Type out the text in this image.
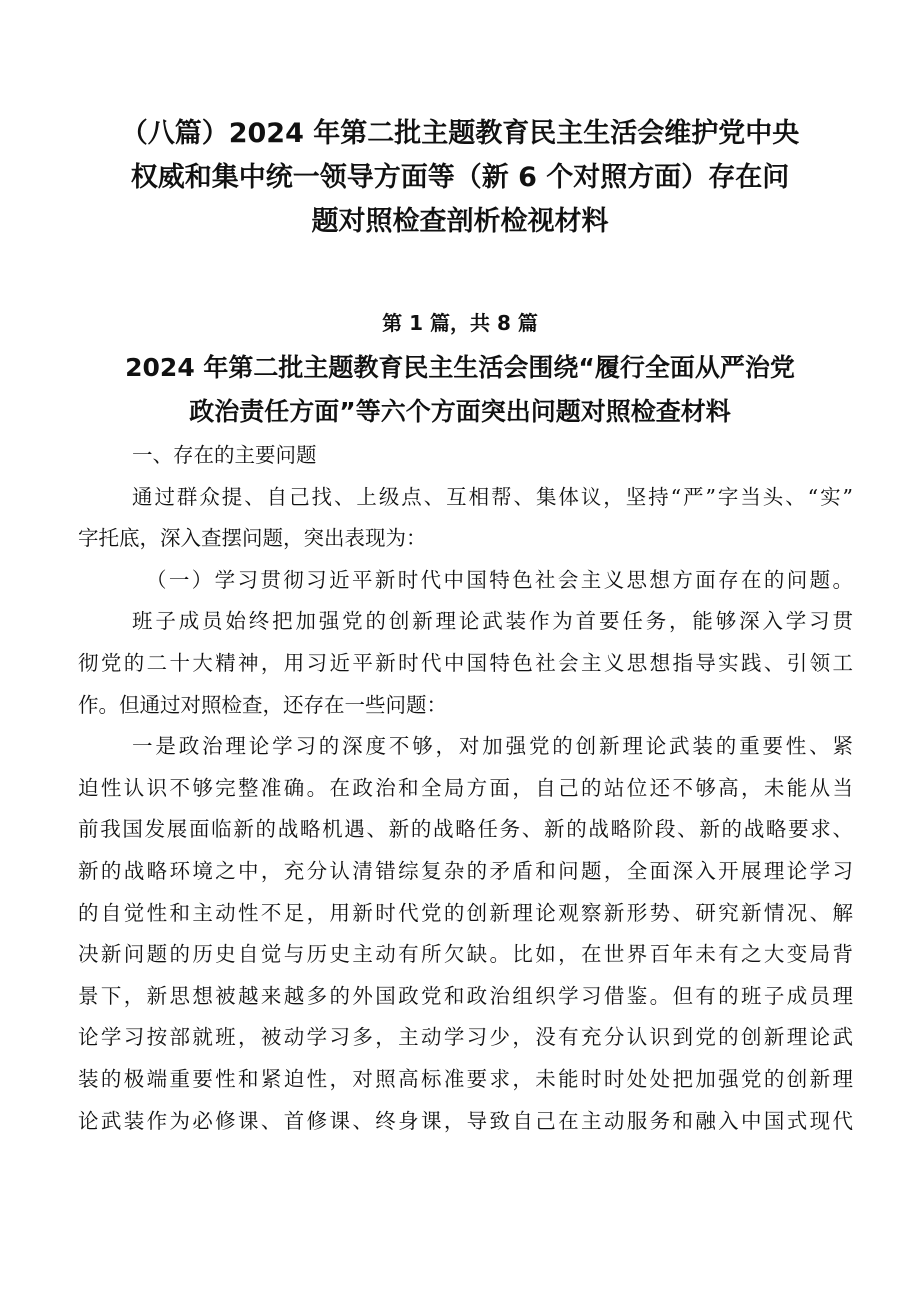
（八篇）2024 年第二批主题教育民主生活会维护党中央
权威和集中统一领导方面等（新 6 个对照方面）存在问
题对照检查剖析检视材料
第 1 篇，共 8 篇
2024 年第二批主题教育民主生活会围绕“履行全面从严治党
政治责任方面”等六个方面突出问题对照检查材料
一、存在的主要问题
通过群众提、自己找、上级点、互相帮、集体议，坚持“严”字当头、“实”
字托底，深入查摆问题，突出表现为：
（一）学习贯彻习近平新时代中国特色社会主义思想方面存在的问题。
班子成员始终把加强党的创新理论武装作为首要任务，能够深入学习贯
彻党的二十大精神，用习近平新时代中国特色社会主义思想指导实践、引领工
作。但通过对照检查，还存在一些问题：
一是政治理论学习的深度不够，对加强党的创新理论武装的重要性、紧
迫性认识不够完整准确。在政治和全局方面，自己的站位还不够高，未能从当
前我国发展面临新的战略机遇、新的战略任务、新的战略阶段、新的战略要求、
新的战略环境之中，充分认清错综复杂的矛盾和问题，全面深入开展理论学习
的自觉性和主动性不足，用新时代党的创新理论观察新形势、研究新情况、解
决新问题的历史自觉与历史主动有所欠缺。比如，在世界百年未有之大变局背
景下，新思想被越来越多的外国政党和政治组织学习借鉴。但有的班子成员理
论学习按部就班，被动学习多，主动学习少，没有充分认识到党的创新理论武
装的极端重要性和紧迫性，对照高标准要求，未能时时处处把加强党的创新理
论武装作为必修课、首修课、终身课，导致自己在主动服务和融入中国式现代
